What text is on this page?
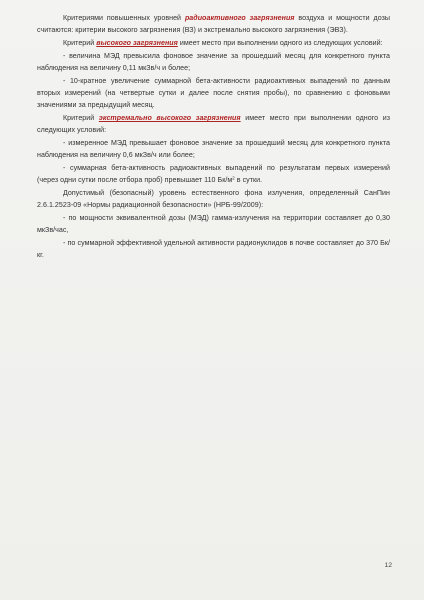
Критериями повышенных уровней радиоактивного загрязнения воздуха и мощности дозы считаются: критерии высокого загрязнения (ВЗ) и экстремально высокого загрязнения (ЭВЗ).

Критерий высокого загрязнения имеет место при выполнении одного из следующих условий:

- величина МЭД превысила фоновое значение за прошедший месяц для конкретного пункта наблюдения на величину 0,11 мкЗв/ч и более;

- 10-кратное увеличение суммарной бета-активности радиоактивных выпадений по данным вторых измерений (на четвертые сутки и далее после снятия пробы), по сравнению с фоновыми значениями за предыдущий месяц.

Критерий экстремально высокого загрязнения имеет место при выполнении одного из следующих условий:

- измеренное МЭД превышает фоновое значение за прошедший месяц для конкретного пункта наблюдения на величину 0,6 мкЗв/ч или более;

- суммарная бета-активность радиоактивных выпадений по результатам первых измерений (через одни сутки после отбора проб) превышает 110 $Бк/м^2$ в сутки.

Допустимый (безопасный) уровень естественного фона излучения, определенный СанПин 2.6.1.2523-09 «Нормы радиационной безопасности» (НРБ-99/2009):

- по мощности эквивалентной дозы (МЭД) гамма-излучения на территории составляет до 0,30 мкЗв/час,

- по суммарной эффективной удельной активности радионуклидов в почве составляет до 370 Бк/кг.

12
